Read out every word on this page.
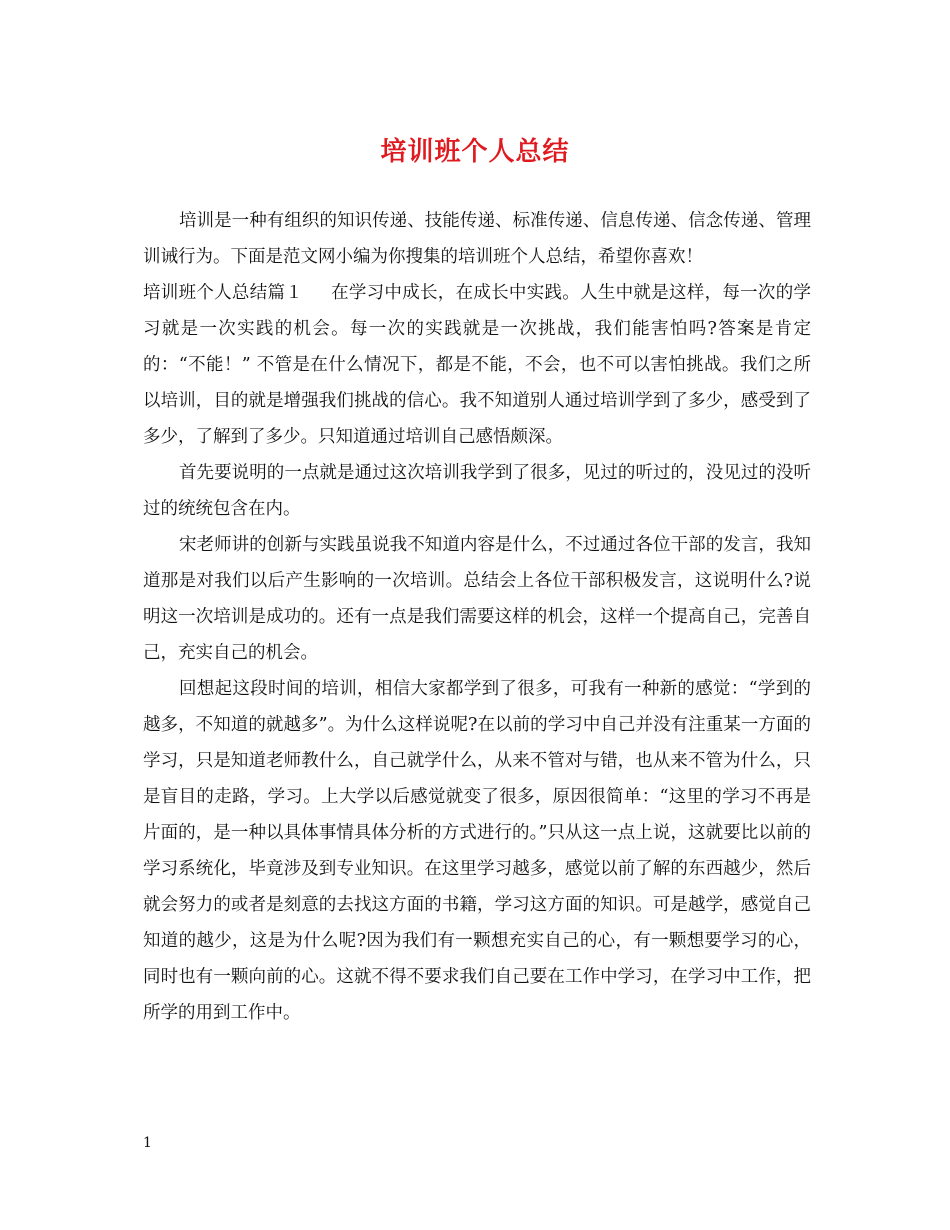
培训班个人总结

培训是一种有组织的知识传递、技能传递、标准传递、信息传递、信念传递、管理训诫行为。下面是范文网小编为你搜集的培训班个人总结，希望你喜欢！

培训班个人总结篇１ 在学习中成长，在成长中实践。人生中就是这样，每一次的学习就是一次实践的机会。每一次的实践就是一次挑战，我们能害怕吗?答案是肯定的：“不能！” 不管是在什么情况下，都是不能，不会，也不可以害怕挑战。我们之所以培训，目的就是增强我们挑战的信心。我不知道别人通过培训学到了多少，感受到了多少，了解到了多少。只知道通过培训自己感悟颇深。

首先要说明的一点就是通过这次培训我学到了很多，见过的听过的，没见过的没听过的统统包含在内。

宋老师讲的创新与实践虽说我不知道内容是什么，不过通过各位干部的发言，我知道那是对我们以后产生影响的一次培训。总结会上各位干部积极发言，这说明什么?说明这一次培训是成功的。还有一点是我们需要这样的机会，这样一个提高自己，完善自己，充实自己的机会。

回想起这段时间的培训，相信大家都学到了很多，可我有一种新的感觉：“学到的越多，不知道的就越多”。为什么这样说呢?在以前的学习中自己并没有注重某一方面的学习，只是知道老师教什么，自己就学什么，从来不管对与错，也从来不管为什么，只是盲目的走路，学习。上大学以后感觉就变了很多，原因很简单：“这里的学习不再是片面的，是一种以具体事情具体分析的方式进行的。”只从这一点上说，这就要比以前的学习系统化，毕竟涉及到专业知识。在这里学习越多，感觉以前了解的东西越少，然后就会努力的或者是刻意的去找这方面的书籍，学习这方面的知识。可是越学，感觉自己知道的越少，这是为什么呢?因为我们有一颗想充实自己的心，有一颗想要学习的心，同时也有一颗向前的心。这就不得不要求我们自己要在工作中学习，在学习中工作，把所学的用到工作中。

1
